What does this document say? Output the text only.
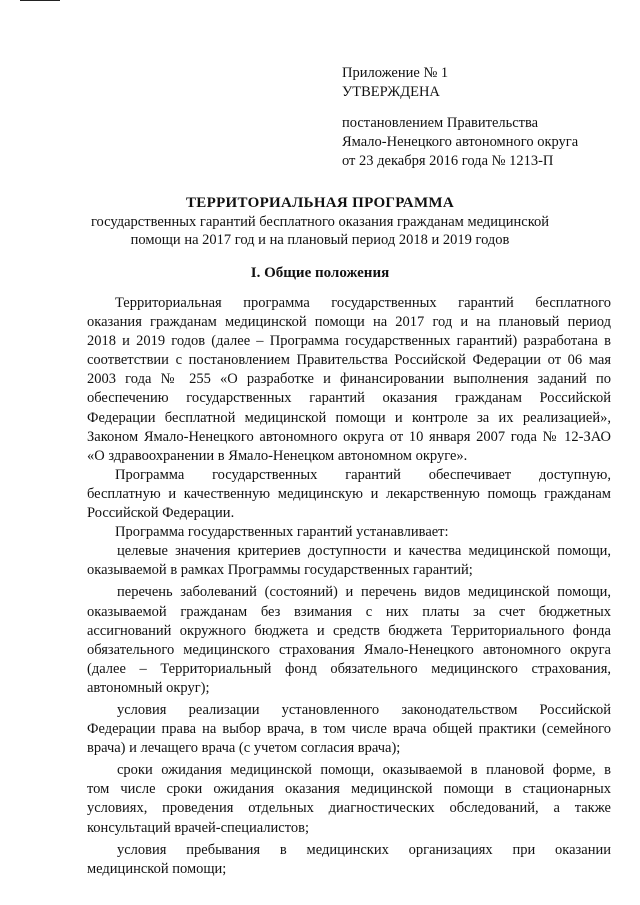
Приложение № 1
УТВЕРЖДЕНА
постановлением Правительства
Ямало-Ненецкого автономного округа
от 23 декабря 2016 года № 1213-П
ТЕРРИТОРИАЛЬНАЯ ПРОГРАММА
государственных гарантий бесплатного оказания гражданам медицинской
помощи на 2017 год и на плановый период 2018 и 2019 годов
I. Общие положения
Территориальная программа государственных гарантий бесплатного
оказания гражданам медицинской помощи на 2017 год и на плановый период
2018 и 2019 годов (далее – Программа государственных гарантий) разработана в
соответствии с постановлением Правительства Российской Федерации от 06 мая
2003 года № 255 «О разработке и финансировании выполнения заданий по
обеспечению государственных гарантий оказания гражданам Российской
Федерации бесплатной медицинской помощи и контроле за их реализацией»,
Законом Ямало-Ненецкого автономного округа от 10 января 2007 года № 12-ЗАО
«О здравоохранении в Ямало-Ненецком автономном округе».
Программа государственных гарантий обеспечивает доступную,
бесплатную и качественную медицинскую и лекарственную помощь гражданам
Российской Федерации.
Программа государственных гарантий устанавливает:
целевые значения критериев доступности и качества медицинской помощи,
оказываемой в рамках Программы государственных гарантий;
перечень заболеваний (состояний) и перечень видов медицинской помощи,
оказываемой гражданам без взимания с них платы за счет бюджетных
ассигнований окружного бюджета и средств бюджета Территориального фонда
обязательного медицинского страхования Ямало-Ненецкого автономного округа
(далее – Территориальный фонд обязательного медицинского страхования,
автономный округ);
условия реализации установленного законодательством Российской
Федерации права на выбор врача, в том числе врача общей практики (семейного
врача) и лечащего врача (с учетом согласия врача);
сроки ожидания медицинской помощи, оказываемой в плановой форме, в
том числе сроки ожидания оказания медицинской помощи в стационарных
условиях, проведения отдельных диагностических обследований, а также
консультаций врачей-специалистов;
условия пребывания в медицинских организациях при оказании
медицинской помощи;
